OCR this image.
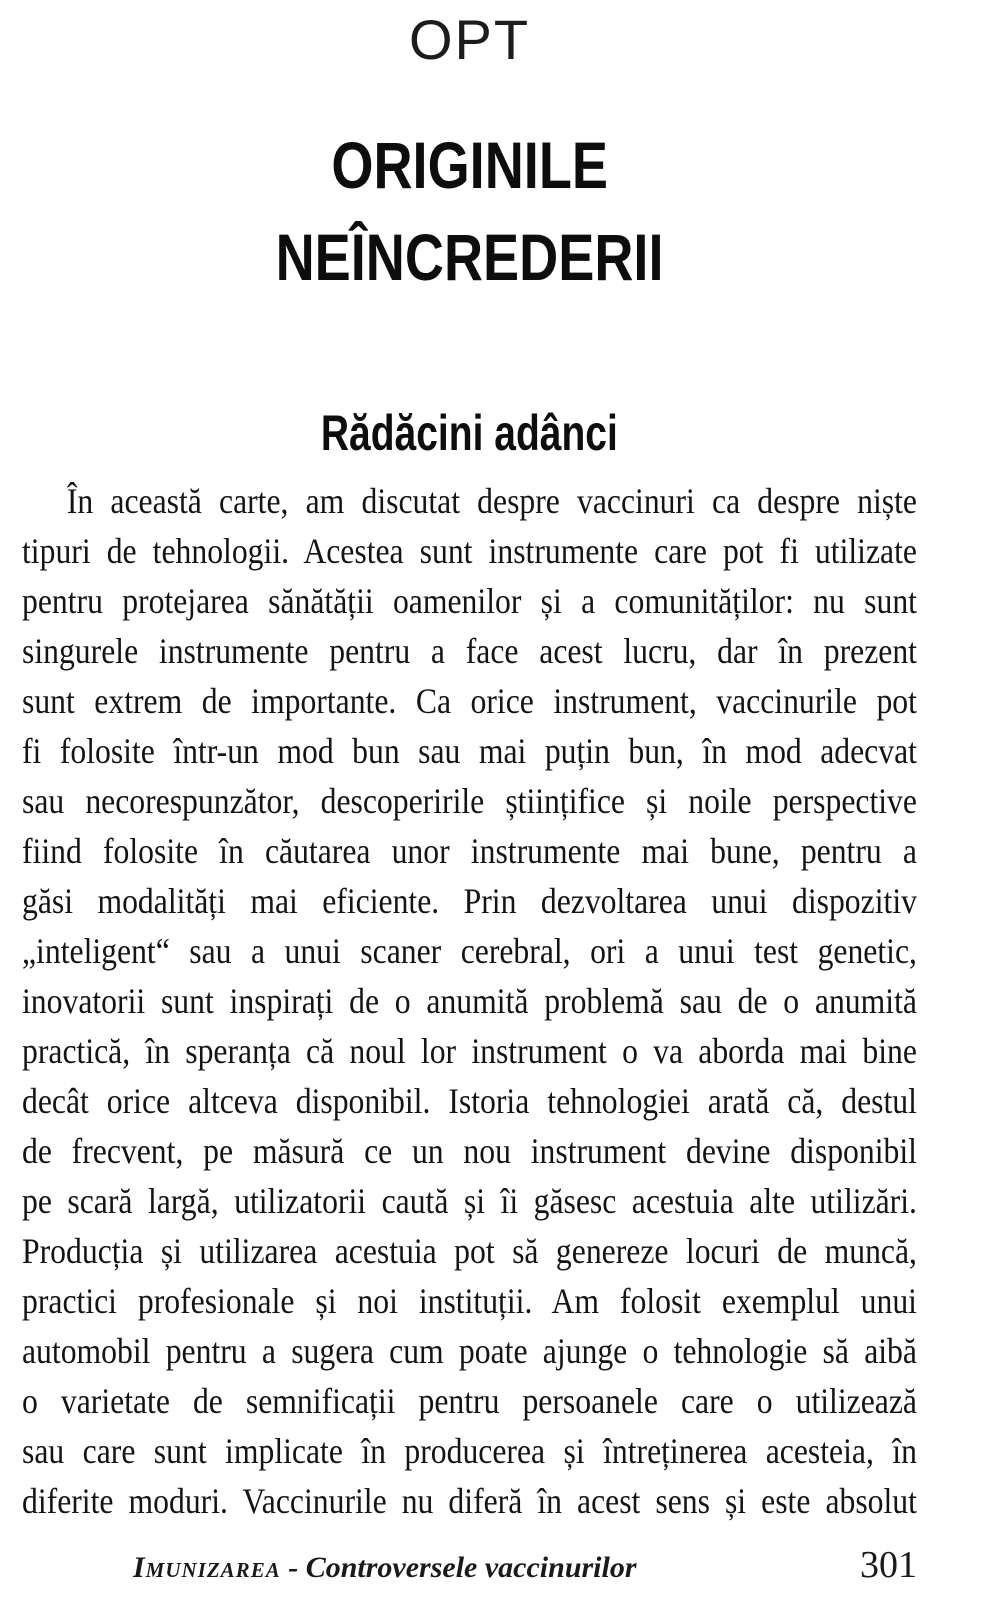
OPT
ORIGINILE
NEÎNCREDERII
Rădăcini adânci
În această carte, am discutat despre vaccinuri ca despre niște
tipuri de tehnologii. Acestea sunt instrumente care pot fi utilizate
pentru protejarea sănătății oamenilor și a comunităților: nu sunt
singurele instrumente pentru a face acest lucru, dar în prezent
sunt extrem de importante. Ca orice instrument, vaccinurile pot
fi folosite într-un mod bun sau mai puțin bun, în mod adecvat
sau necorespunzător, descoperirile științifice și noile perspective
fiind folosite în căutarea unor instrumente mai bune, pentru a
găsi modalități mai eficiente. Prin dezvoltarea unui dispozitiv
„inteligent“ sau a unui scaner cerebral, ori a unui test genetic,
inovatorii sunt inspirați de o anumită problemă sau de o anumită
practică, în speranța că noul lor instrument o va aborda mai bine
decât orice altceva disponibil. Istoria tehnologiei arată că, destul
de frecvent, pe măsură ce un nou instrument devine disponibil
pe scară largă, utilizatorii caută și îi găsesc acestuia alte utilizări.
Producția și utilizarea acestuia pot să genereze locuri de muncă,
practici profesionale și noi instituții. Am folosit exemplul unui
automobil pentru a sugera cum poate ajunge o tehnologie să aibă
o varietate de semnificații pentru persoanele care o utilizează
sau care sunt implicate în producerea și întreținerea acesteia, în
diferite moduri. Vaccinurile nu diferă în acest sens și este absolut
Imunizarea - Controversele vaccinurilor	301
